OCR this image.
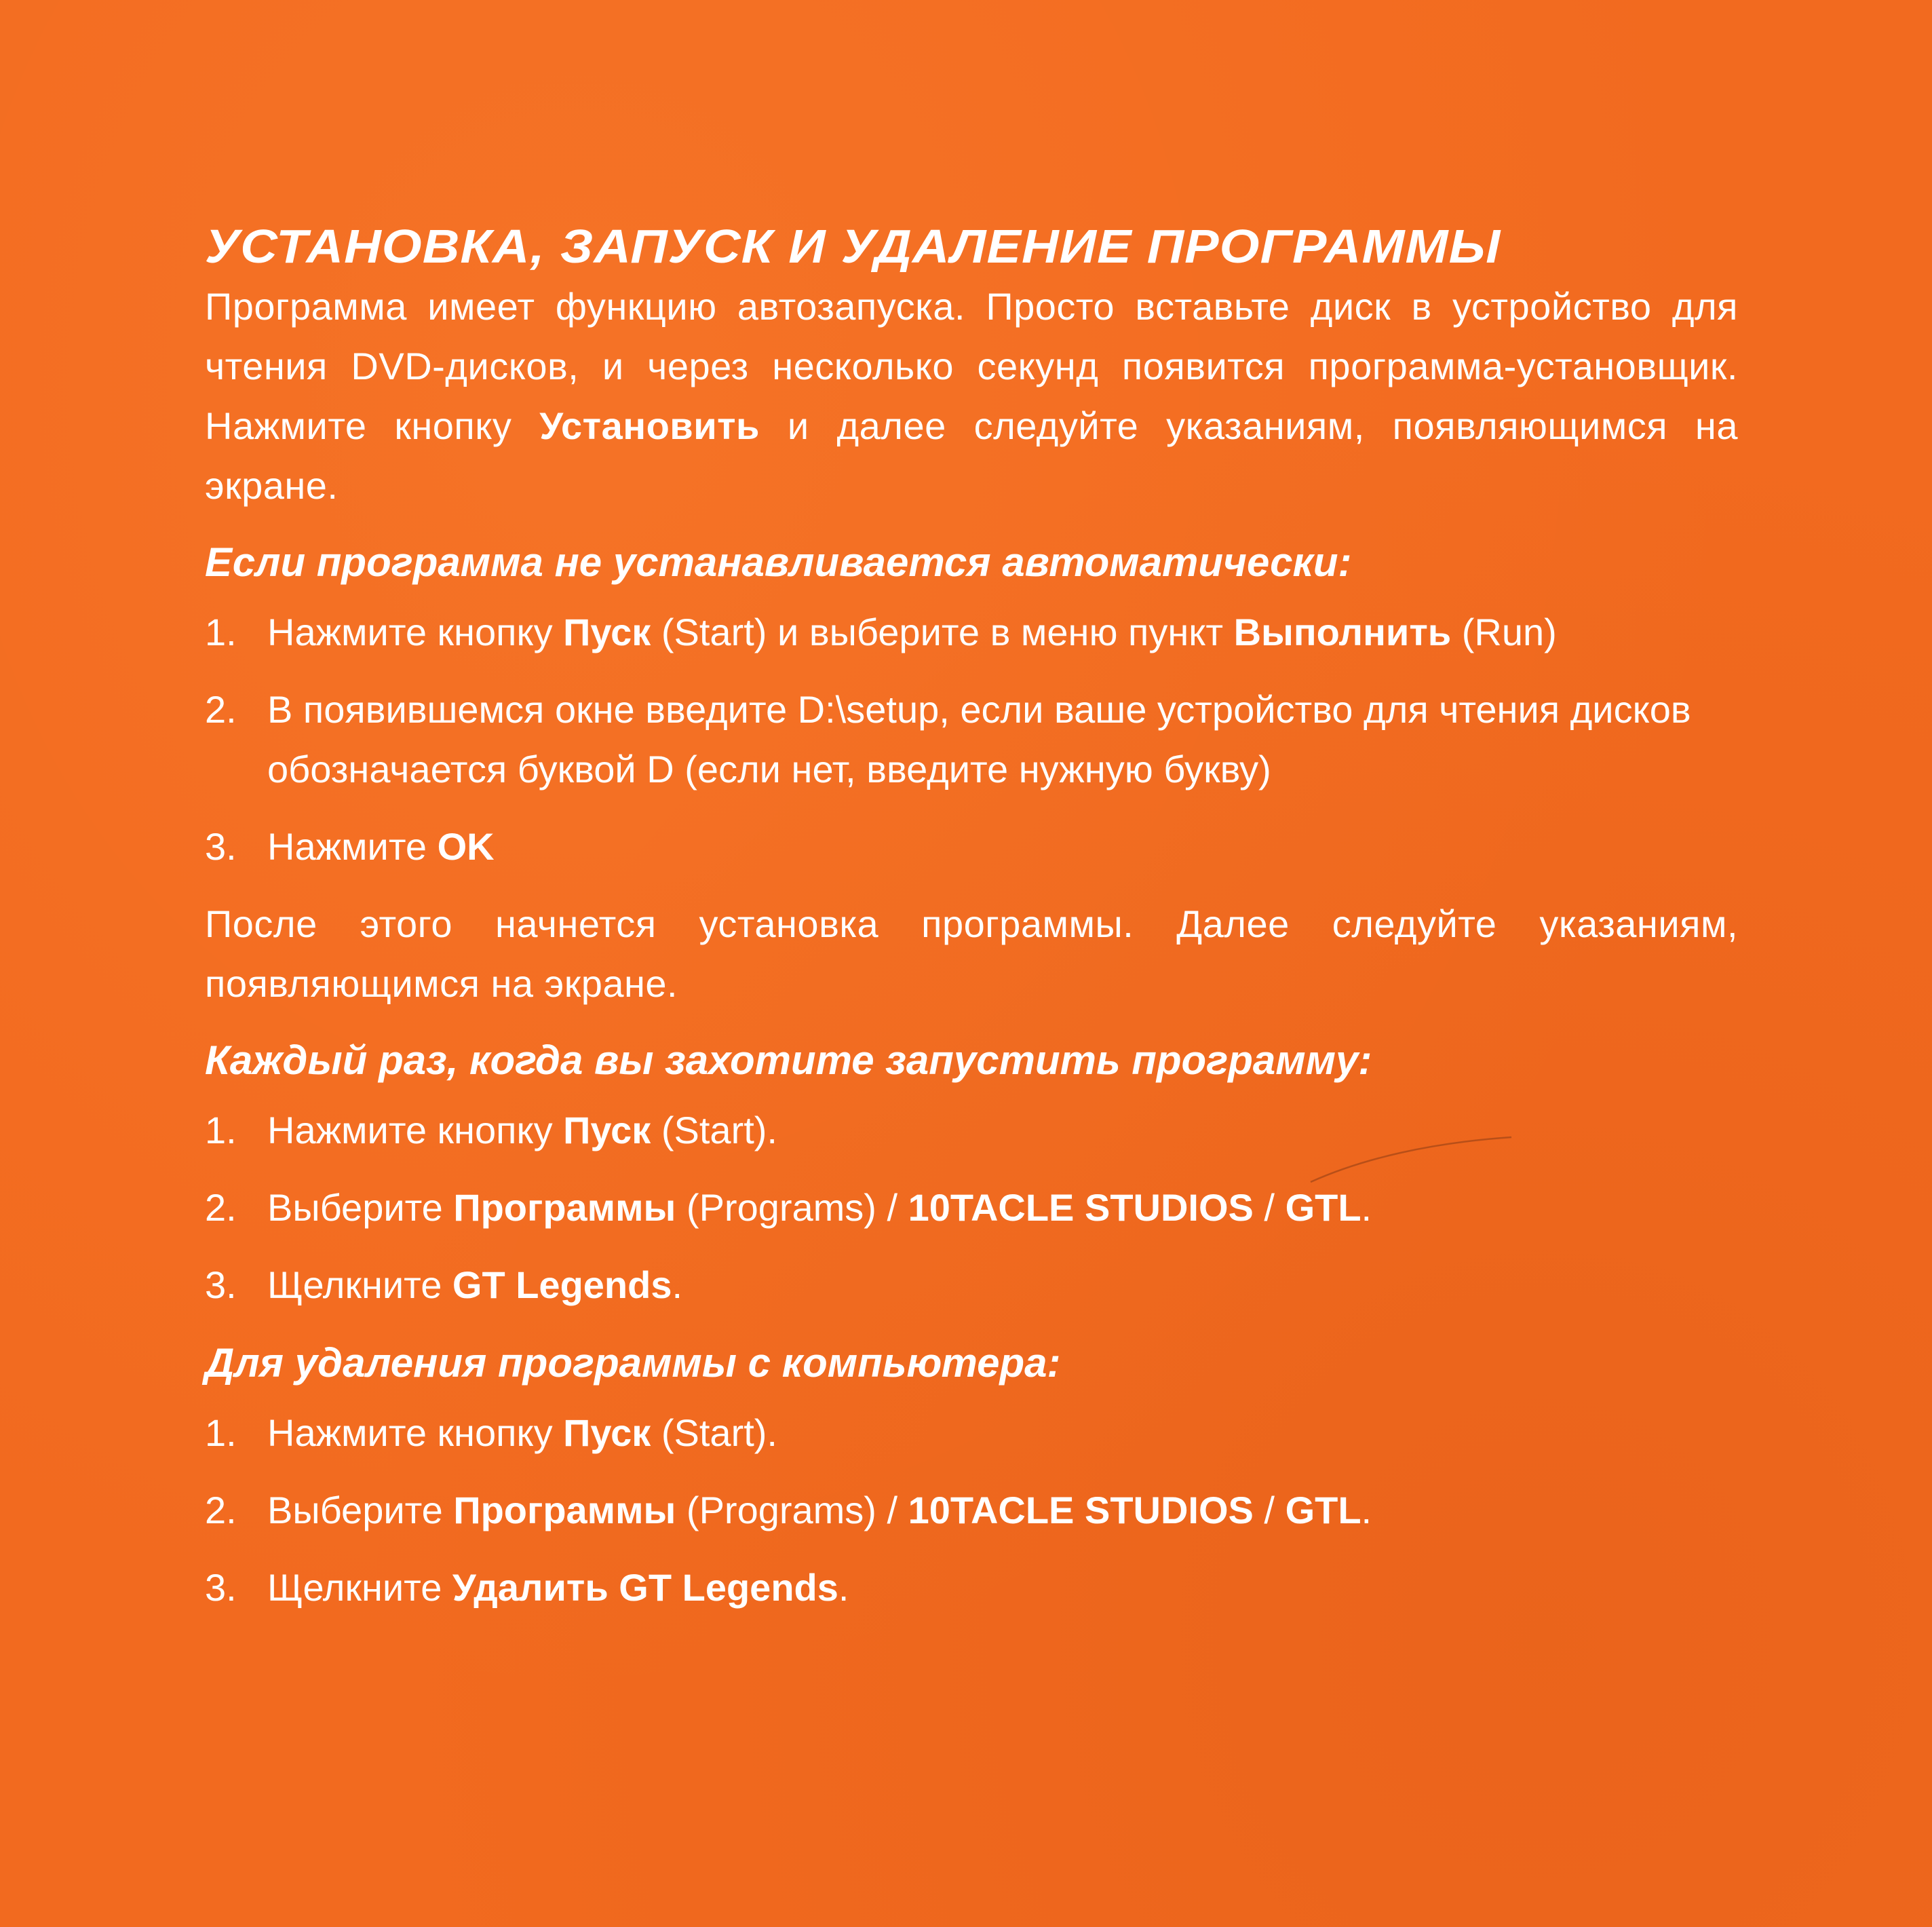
УСТАНОВКА, ЗАПУСК И УДАЛЕНИЕ ПРОГРАММЫ

Программа имеет функцию автозапуска. Просто вставьте диск в устройство для чтения DVD-дисков, и через несколько секунд появится программа-установщик. Нажмите кнопку Установить и далее следуйте указаниям, появляющимся на экране.

Если программа не устанавливается автоматически:
1. Нажмите кнопку Пуск (Start) и выберите в меню пункт Выполнить (Run)
2. В появившемся окне введите D:\setup, если ваше устройство для чтения дисков обозначается буквой D (если нет, введите нужную букву)
3. Нажмите OK

После этого начнется установка программы. Далее следуйте указаниям, появляющимся на экране.

Каждый раз, когда вы захотите запустить программу:
1. Нажмите кнопку Пуск (Start).
2. Выберите Программы (Programs) / 10TACLE STUDIOS / GTL.
3. Щелкните GT Legends.
Для удаления программы с компьютера:
1. Нажмите кнопку Пуск (Start).
2. Выберите Программы (Programs) / 10TACLE STUDIOS / GTL.
3. Щелкните Удалить GT Legends.
